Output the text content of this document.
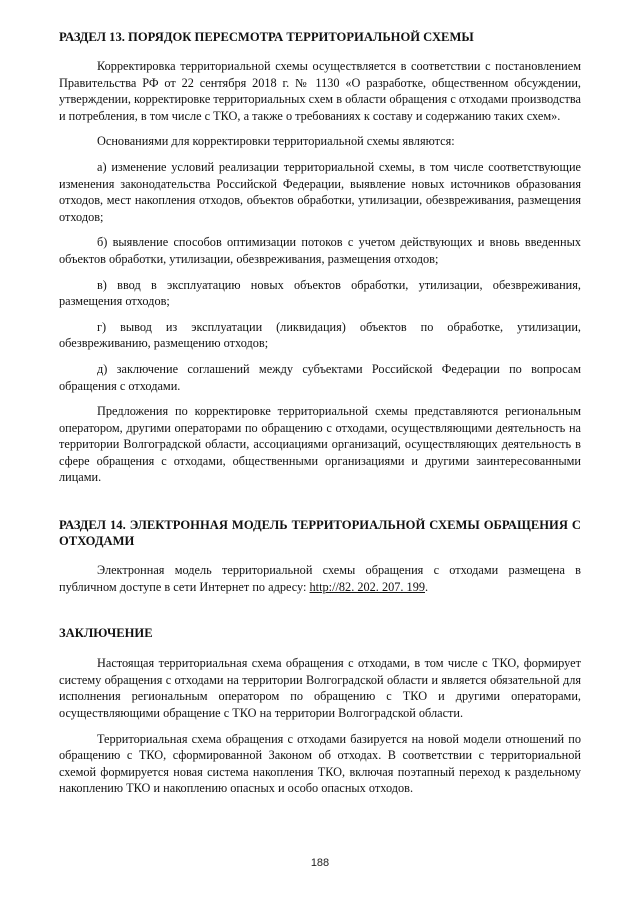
РАЗДЕЛ 13. ПОРЯДОК ПЕРЕСМОТРА ТЕРРИТОРИАЛЬНОЙ СХЕМЫ

Корректировка территориальной схемы осуществляется в соответствии с постановлением Правительства РФ от 22 сентября 2018 г. № 1130 «О разработке, общественном обсуждении, утверждении, корректировке территориальных схем в области обращения с отходами производства и потребления, в том числе с ТКО, а также о требованиях к составу и содержанию таких схем».

Основаниями для корректировки территориальной схемы являются:

а) изменение условий реализации территориальной схемы, в том числе соответствующие изменения законодательства Российской Федерации, выявление новых источников образования отходов, мест накопления отходов, объектов обработки, утилизации, обезвреживания, размещения отходов;

б) выявление способов оптимизации потоков с учетом действующих и вновь введенных объектов обработки, утилизации, обезвреживания, размещения отходов;

в) ввод в эксплуатацию новых объектов обработки, утилизации, обезвреживания, размещения отходов;

г) вывод из эксплуатации (ликвидация) объектов по обработке, утилизации, обезвреживанию, размещению отходов;

д) заключение соглашений между субъектами Российской Федерации по вопросам обращения с отходами.

Предложения по корректировке территориальной схемы представляются региональным оператором, другими операторами по обращению с отходами, осуществляющими деятельность на территории Волгоградской области, ассоциациями организаций, осуществляющих деятельность в сфере обращения с отходами, общественными организациями и другими заинтересованными лицами.

РАЗДЕЛ 14. ЭЛЕКТРОННАЯ МОДЕЛЬ ТЕРРИТОРИАЛЬНОЙ СХЕМЫ ОБРАЩЕНИЯ С ОТХОДАМИ

Электронная модель территориальной схемы обращения с отходами размещена в публичном доступе в сети Интернет по адресу: http://82. 202. 207. 199.

ЗАКЛЮЧЕНИЕ

Настоящая территориальная схема обращения с отходами, в том числе с ТКО, формирует систему обращения с отходами на территории Волгоградской области и является обязательной для исполнения региональным оператором по обращению с ТКО и другими операторами, осуществляющими обращение с ТКО на территории Волгоградской области.

Территориальная схема обращения с отходами базируется на новой модели отношений по обращению с ТКО, сформированной Законом об отходах. В соответствии с территориальной схемой формируется новая система накопления ТКО, включая поэтапный переход к раздельному накоплению ТКО и накоплению опасных и особо опасных отходов.

188
